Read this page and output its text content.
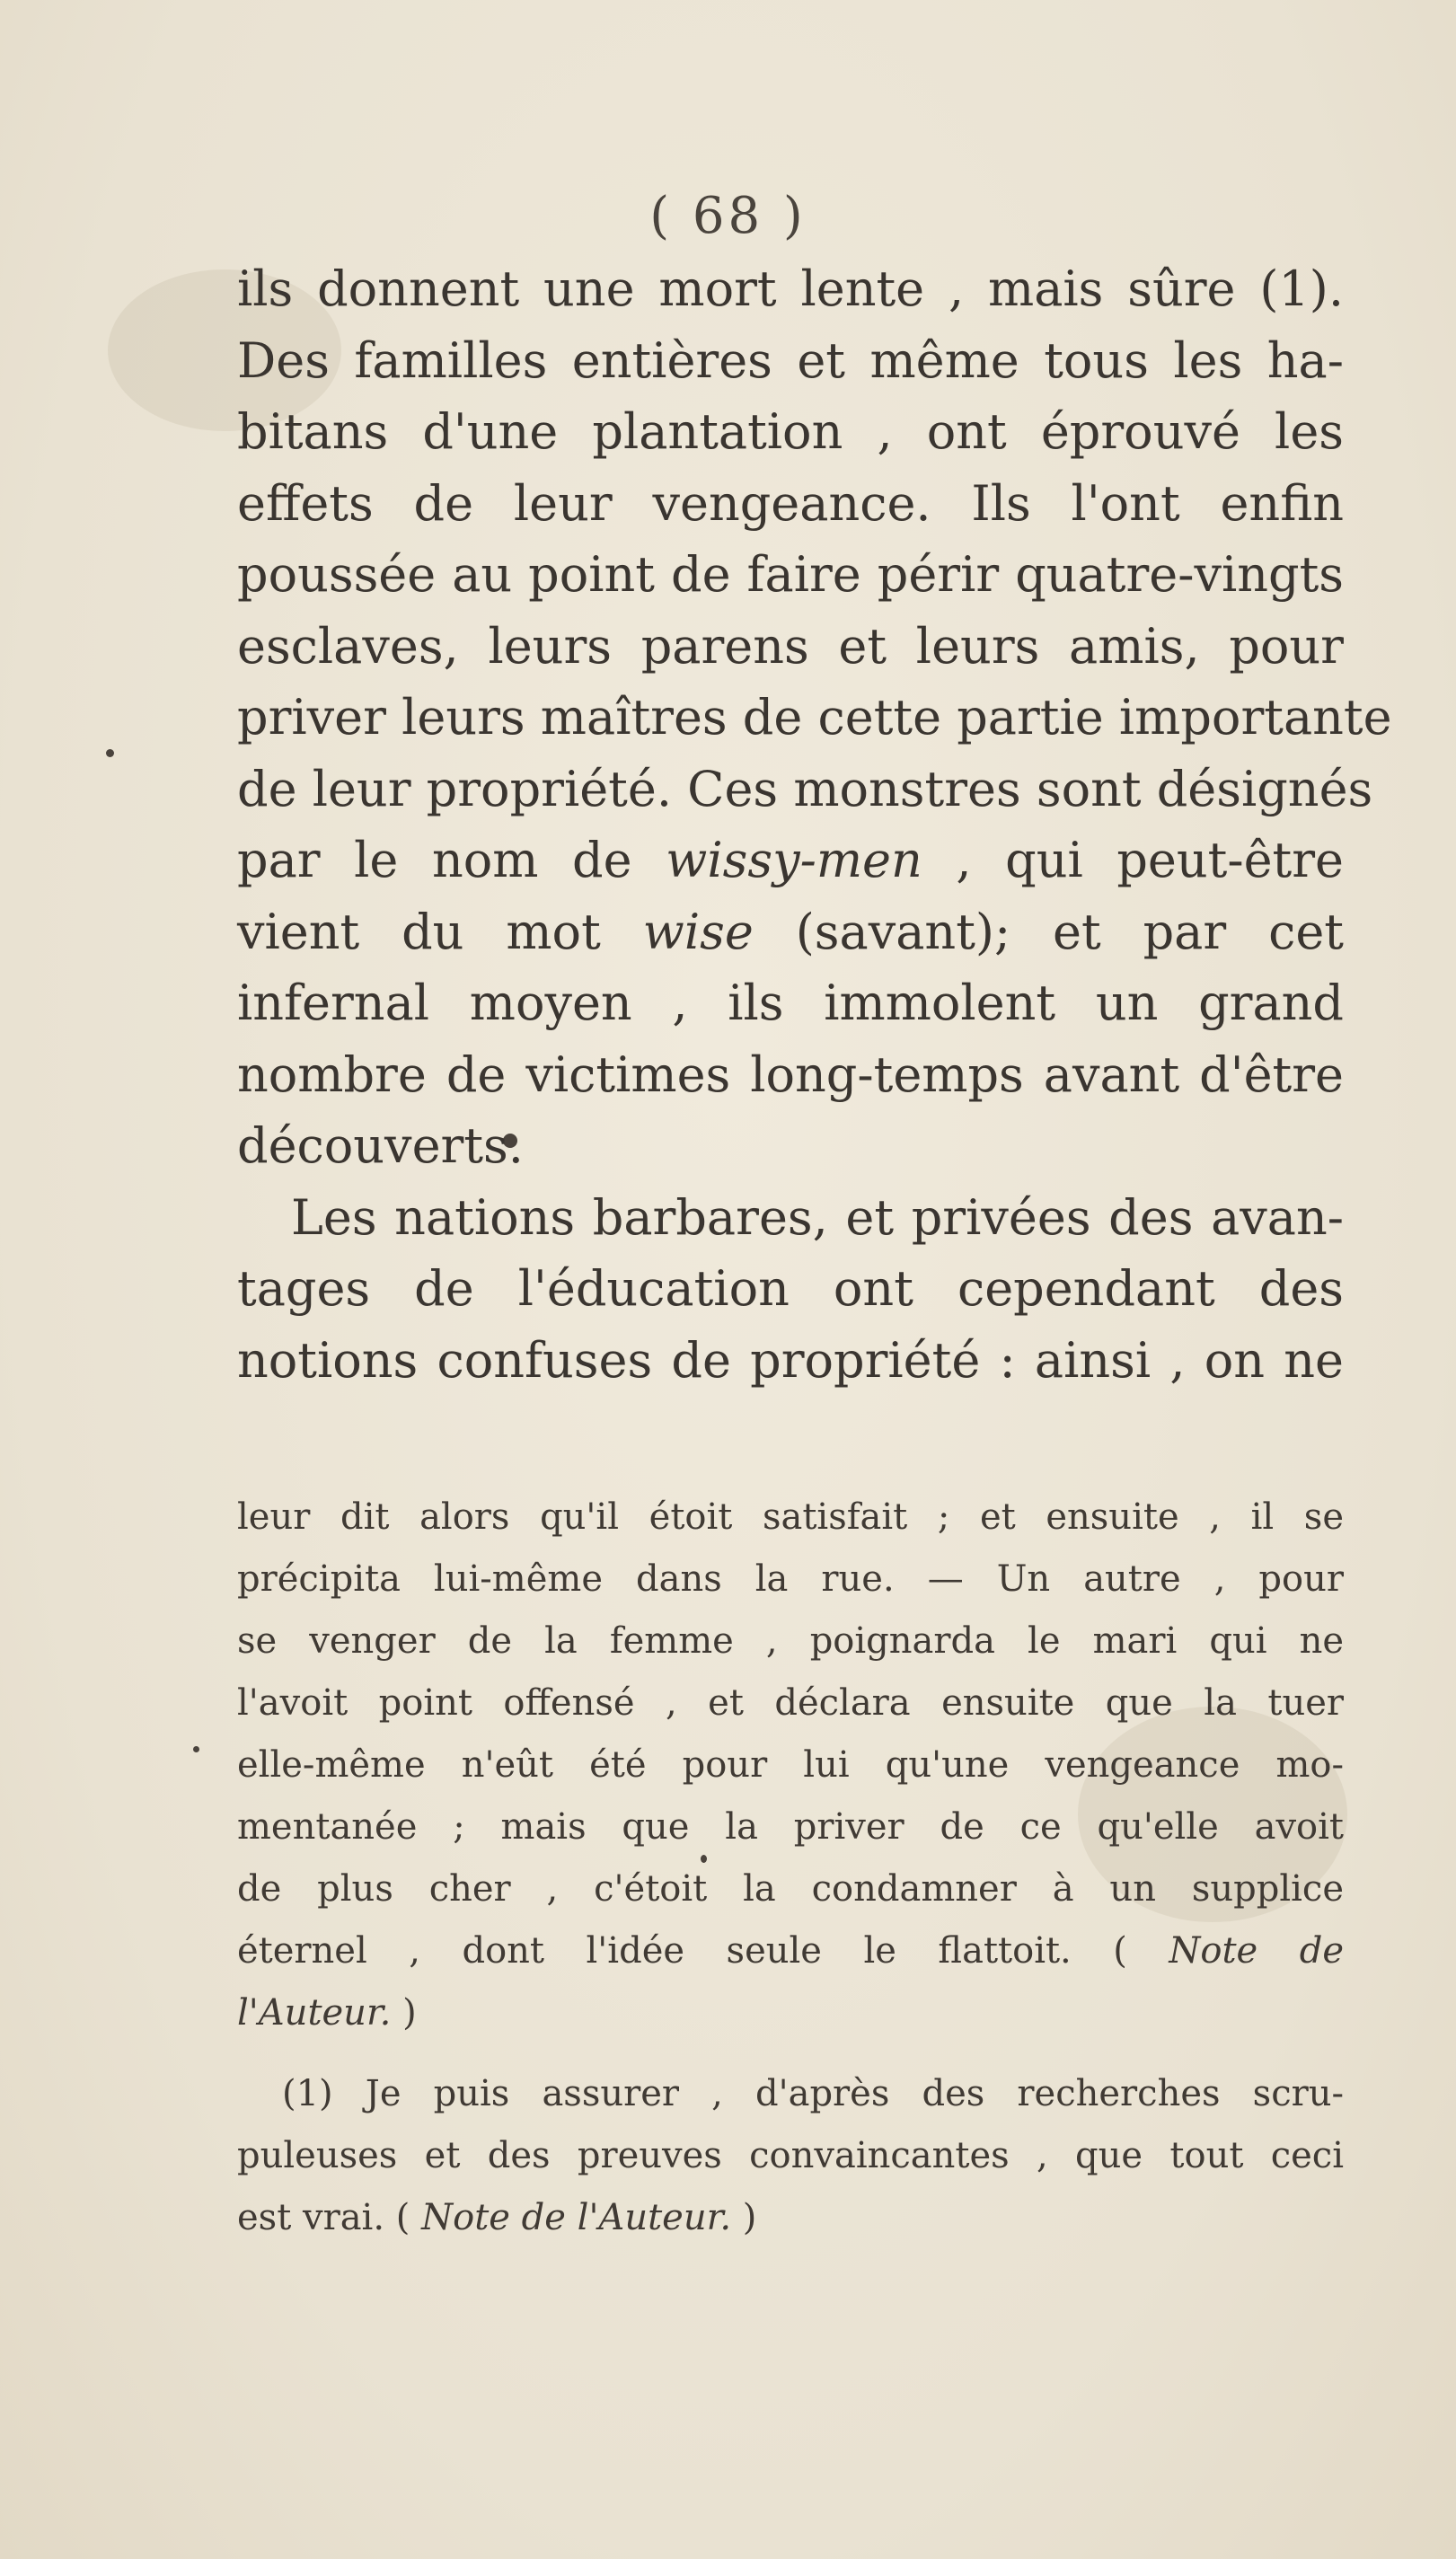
( 68 )
ils donnent une mort lente , mais sûre (1).
Des familles entières et même tous les ha-
bitans d'une plantation , ont éprouvé les
effets de leur vengeance. Ils l'ont enfin
poussée au point de faire périr quatre-vingts
esclaves, leurs parens et leurs amis, pour
priver leurs maîtres de cette partie importante
de leur propriété. Ces monstres sont désignés
par le nom de wissy-men , qui peut-être
vient du mot wise (savant); et par cet
infernal moyen , ils immolent un grand
nombre de victimes long-temps avant d'être
découverts.
Les nations barbares, et privées des avan-
tages de l'éducation ont cependant des
notions confuses de propriété : ainsi , on ne
leur dit alors qu'il étoit satisfait ; et ensuite , il se
précipita lui-même dans la rue. — Un autre , pour
se venger de la femme , poignarda le mari qui ne
l'avoit point offensé , et déclara ensuite que la tuer
elle-même n'eût été pour lui qu'une vengeance mo-
mentanée ; mais que la priver de ce qu'elle avoit
de plus cher , c'étoit la condamner à un supplice
éternel , dont l'idée seule le flattoit. ( Note de
l'Auteur. )
(1) Je puis assurer , d'après des recherches scru-
puleuses et des preuves convaincantes , que tout ceci
est vrai. ( Note de l'Auteur. )
